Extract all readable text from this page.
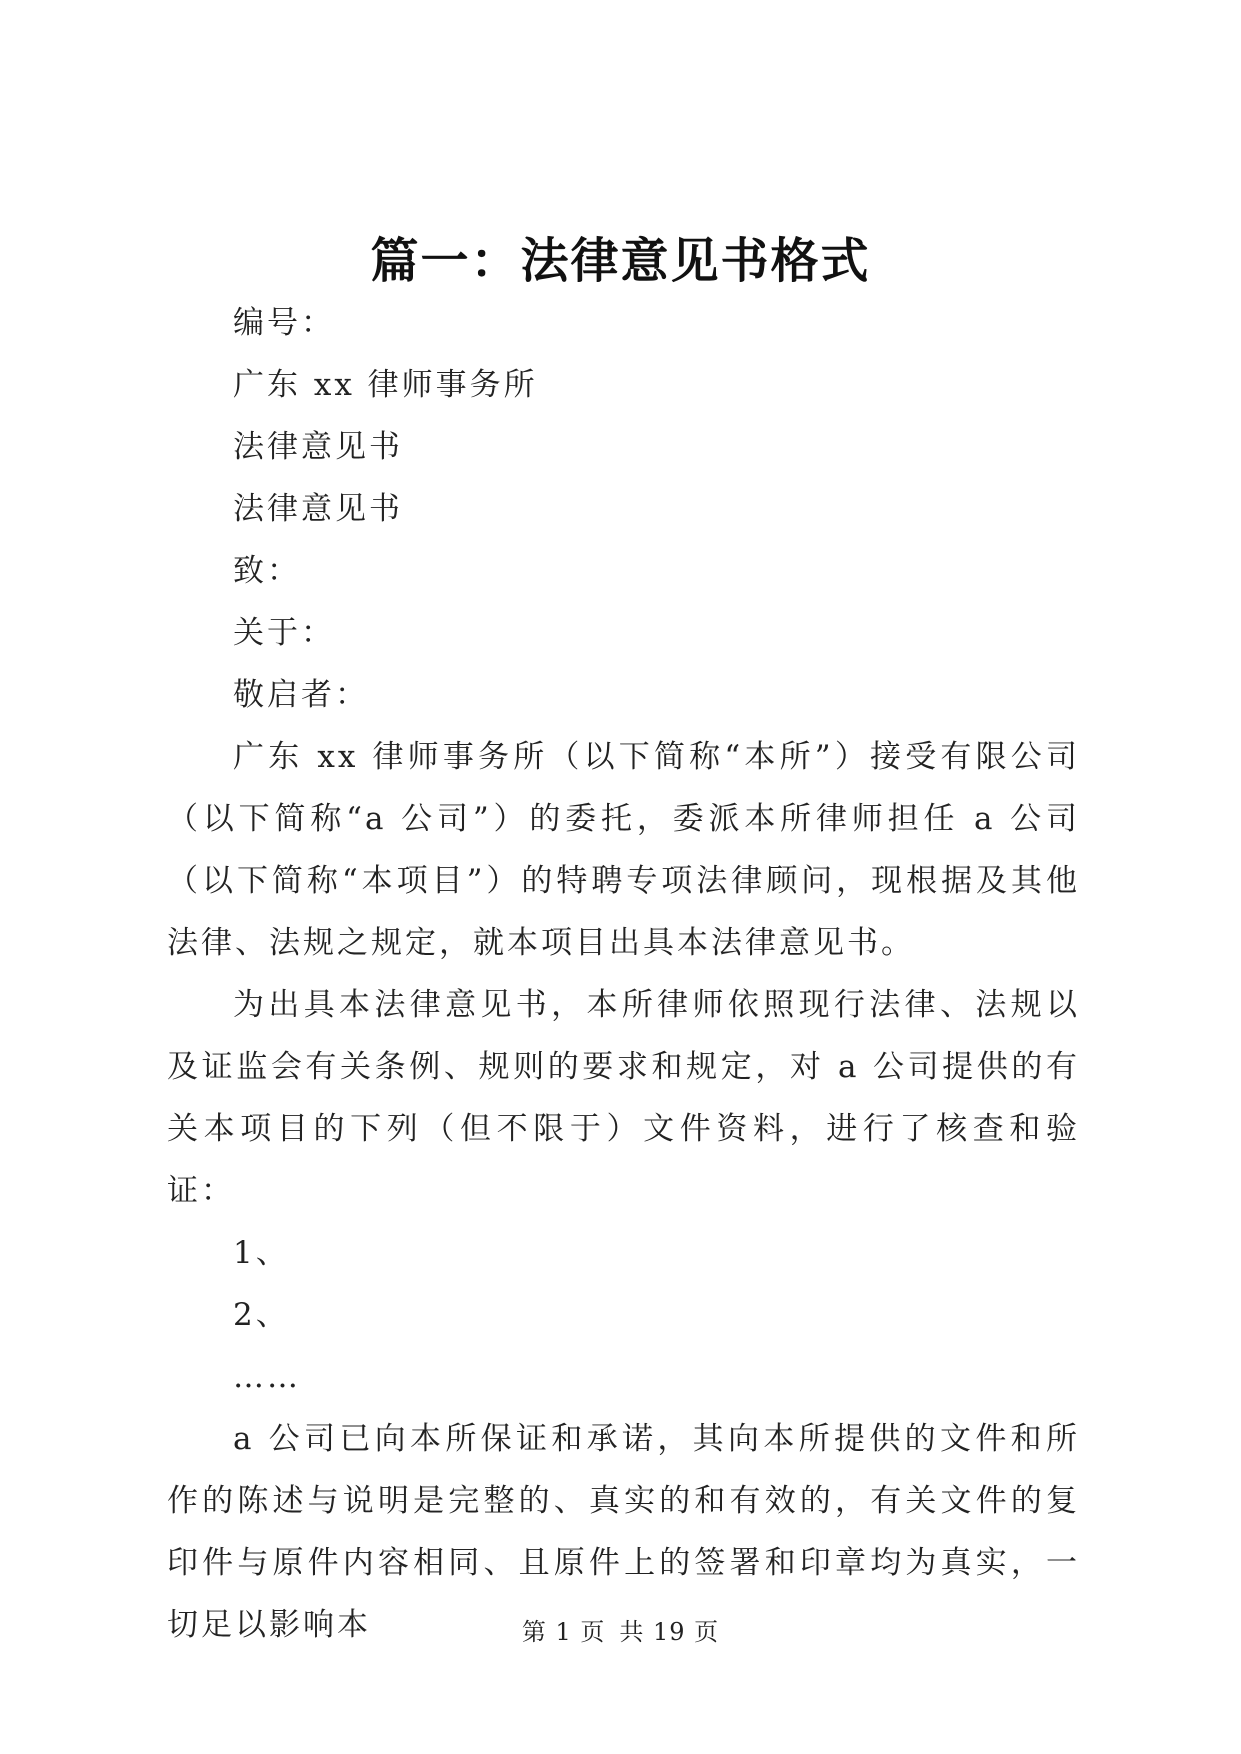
篇一：法律意见书格式

编号：

广东 xx 律师事务所

法律意见书

法律意见书

致：

关于：

敬启者：

广东 xx 律师事务所（以下简称“本所”）接受有限公司（以下简称“a 公司”）的委托，委派本所律师担任 a 公司（以下简称“本项目”）的特聘专项法律顾问，现根据及其他法律、法规之规定，就本项目出具本法律意见书。

为出具本法律意见书，本所律师依照现行法律、法规以及证监会有关条例、规则的要求和规定，对 a 公司提供的有关本项目的下列（但不限于）文件资料，进行了核查和验证：

1、

2、

……

a 公司已向本所保证和承诺，其向本所提供的文件和所作的陈述与说明是完整的、真实的和有效的，有关文件的复印件与原件内容相同、且原件上的签署和印章均为真实，一切足以影响本	第 1 页 共 19 页
